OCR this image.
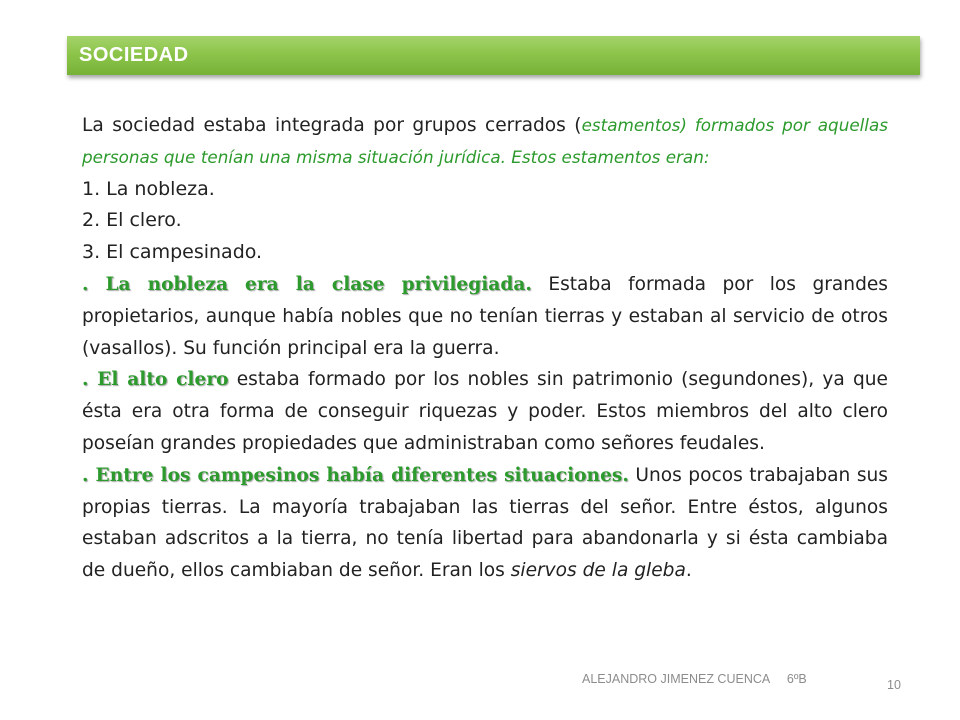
SOCIEDAD

La sociedad estaba integrada por grupos cerrados (estamentos) formados por aquellas personas que tenían una misma situación jurídica. Estos estamentos eran:

1. La nobleza.

2. El clero.

3. El campesinado.

. La nobleza era la clase privilegiada. Estaba formada por los grandes propietarios, aunque había nobles que no tenían tierras y estaban al servicio de otros (vasallos). Su función principal era la guerra.

. El alto clero estaba formado por los nobles sin patrimonio (segundones), ya que ésta era otra forma de conseguir riquezas y poder. Estos miembros del alto clero poseían grandes propiedades que administraban como señores feudales.

. Entre los campesinos había diferentes situaciones. Unos pocos trabajaban sus propias tierras. La mayoría trabajaban las tierras del señor. Entre éstos, algunos estaban adscritos a la tierra, no tenía libertad para abandonarla y si ésta cambiaba de dueño, ellos cambiaban de señor. Eran los siervos de la gleba.

ALEJANDRO JIMENEZ CUENCA     6ºB	10
